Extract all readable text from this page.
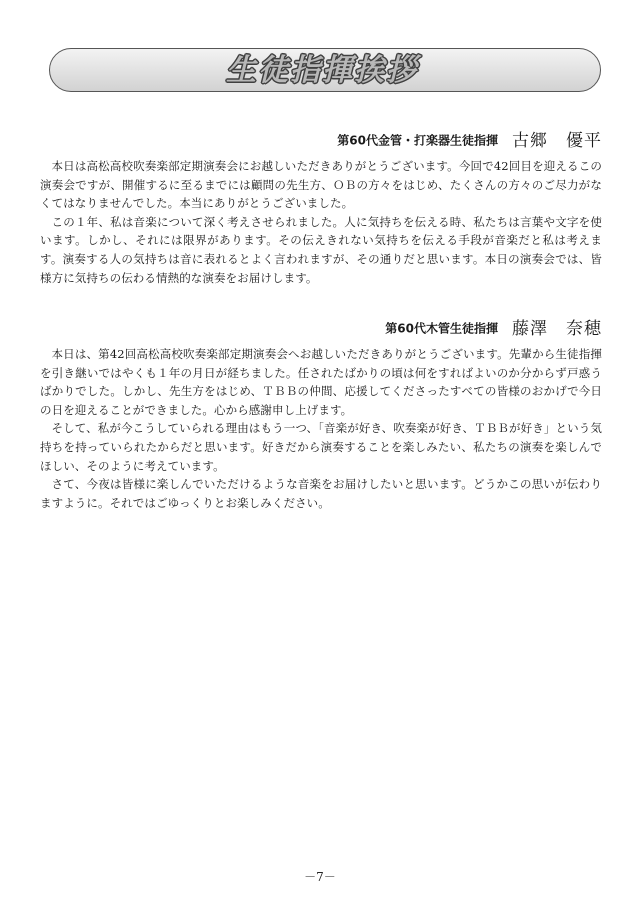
生徒指揮挨拶
第60代金管・打楽器生徒指揮 古郷　優平

本日は高松高校吹奏楽部定期演奏会にお越しいただきありがとうございます。今回で42回目を迎えるこの演奏会ですが、開催するに至るまでには顧問の先生方、ＯＢの方々をはじめ、たくさんの方々のご尽力がなくてはなりませんでした。本当にありがとうございました。

この１年、私は音楽について深く考えさせられました。人に気持ちを伝える時、私たちは言葉や文字を使います。しかし、それには限界があります。その伝えきれない気持ちを伝える手段が音楽だと私は考えます。演奏する人の気持ちは音に表れるとよく言われますが、その通りだと思います。本日の演奏会では、皆様方に気持ちの伝わる情熱的な演奏をお届けします。

第60代木管生徒指揮 藤澤　奈穂

本日は、第42回高松高校吹奏楽部定期演奏会へお越しいただきありがとうございます。先輩から生徒指揮を引き継いではやくも１年の月日が経ちました。任されたばかりの頃は何をすればよいのか分からず戸惑うばかりでした。しかし、先生方をはじめ、ＴＢＢの仲間、応援してくださったすべての皆様のおかげで今日の日を迎えることができました。心から感謝申し上げます。

そして、私が今こうしていられる理由はもう一つ、「音楽が好き、吹奏楽が好き、ＴＢＢが好き」という気持ちを持っていられたからだと思います。好きだから演奏することを楽しみたい、私たちの演奏を楽しんでほしい、そのように考えています。

さて、今夜は皆様に楽しんでいただけるような音楽をお届けしたいと思います。どうかこの思いが伝わりますように。それではごゆっくりとお楽しみください。

－7－
